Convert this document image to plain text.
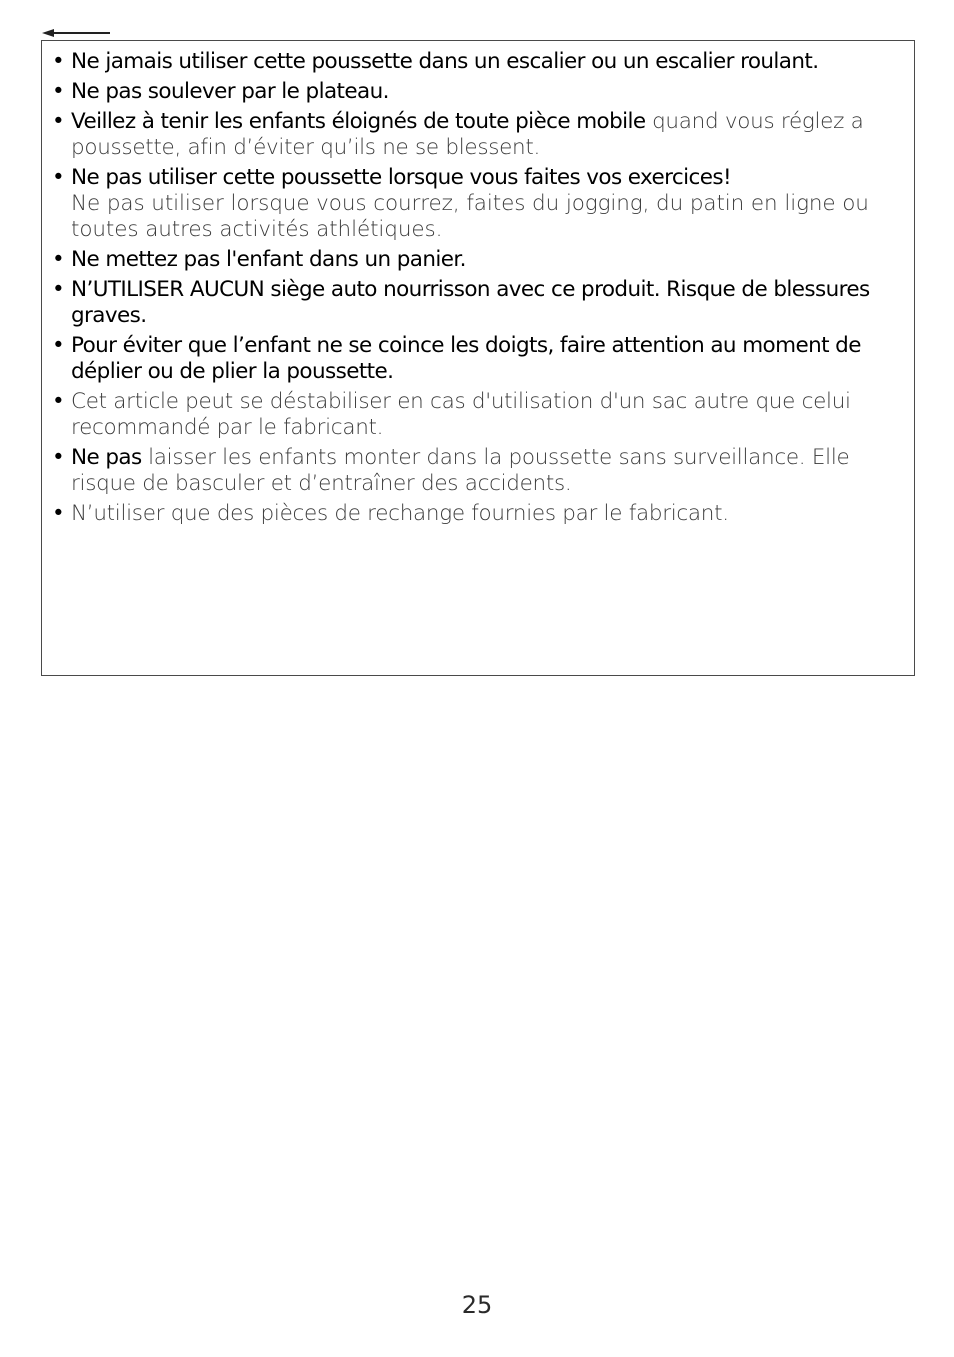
• Ne jamais utiliser cette poussette dans un escalier ou un escalier roulant.
• Ne pas soulever par le plateau.
• Veillez à tenir les enfants éloignés de toute pièce mobile quand vous réglez a poussette, afin d’éviter qu’ils ne se blessent.
• Ne pas utiliser cette poussette lorsque vous faites vos exercices!
Ne pas utiliser lorsque vous courrez, faites du jogging, du patin en ligne ou toutes autres activités athlétiques.
• Ne mettez pas l'enfant dans un panier.
• N’UTILISER AUCUN siège auto nourrisson avec ce produit. Risque de blessures graves.
• Pour éviter que l’enfant ne se coince les doigts, faire attention au moment de déplier ou de plier la poussette.
• Cet article peut se déstabiliser en cas d'utilisation d'un sac autre que celui recommandé par le fabricant.
• Ne pas laisser les enfants monter dans la poussette sans surveillance. Elle risque de basculer et d’entraîner des accidents.
• N’utiliser que des pièces de rechange fournies par le fabricant.
25
